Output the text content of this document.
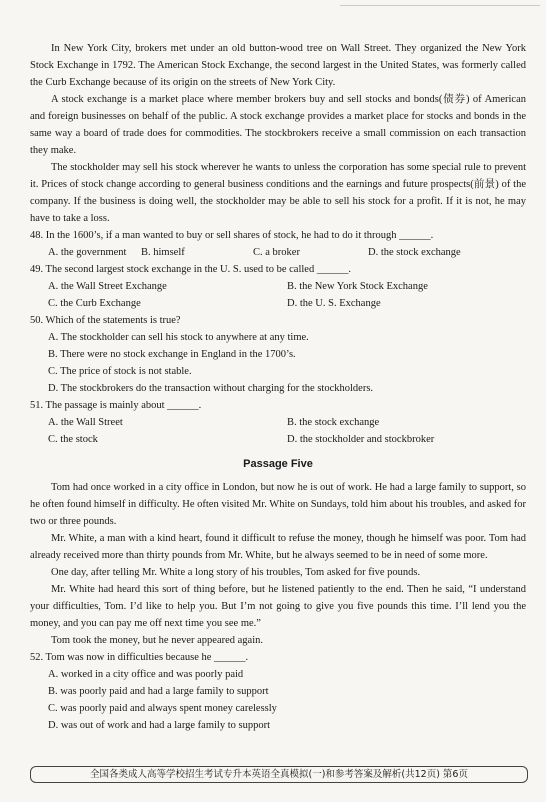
In New York City, brokers met under an old button-wood tree on Wall Street. They organized the New York Stock Exchange in 1792. The American Stock Exchange, the second largest in the United States, was formerly called the Curb Exchange because of its origin on the streets of New York City.

A stock exchange is a market place where member brokers buy and sell stocks and bonds(债券) of American and foreign businesses on behalf of the public. A stock exchange provides a market place for stocks and bonds in the same way a board of trade does for commodities. The stockbrokers receive a small commission on each transaction they make.

The stockholder may sell his stock wherever he wants to unless the corporation has some special rule to prevent it. Prices of stock change according to general business conditions and the earnings and future prospects(前景) of the company. If the business is doing well, the stockholder may be able to sell his stock for a profit. If it is not, he may have to take a loss.

48. In the 1600’s, if a man wanted to buy or sell shares of stock, he had to do it through ______.

A. the government	B. himself	C. a broker	D. the stock exchange

49. The second largest stock exchange in the U. S. used to be called ______.

A. the Wall Street Exchange	B. the New York Stock Exchange
C. the Curb Exchange	D. the U. S. Exchange

50. Which of the statements is true?

A. The stockholder can sell his stock to anywhere at any time.

B. There were no stock exchange in England in the 1700’s.

C. The price of stock is not stable.

D. The stockbrokers do the transaction without charging for the stockholders.

51. The passage is mainly about ______.

A. the Wall Street	B. the stock exchange
C. the stock	D. the stockholder and stockbroker
Passage Five

Tom had once worked in a city office in London, but now he is out of work. He had a large family to support, so he often found himself in difficulty. He often visited Mr. White on Sundays, told him about his troubles, and asked for two or three pounds.

Mr. White, a man with a kind heart, found it difficult to refuse the money, though he himself was poor. Tom had already received more than thirty pounds from Mr. White, but he always seemed to be in need of some more.

One day, after telling Mr. White a long story of his troubles, Tom asked for five pounds.

Mr. White had heard this sort of thing before, but he listened patiently to the end. Then he said, “I understand your difficulties, Tom. I’d like to help you. But I’m not going to give you five pounds this time. I’ll lend you the money, and you can pay me off next time you see me.”

Tom took the money, but he never appeared again.

52. Tom was now in difficulties because he ______.

A. worked in a city office and was poorly paid

B. was poorly paid and had a large family to support

C. was poorly paid and always spent money carelessly

D. was out of work and had a large family to support

全国各类成人高等学校招生考试专升本英语全真模拟(一)和参考答案及解析(共12页) 第6页
